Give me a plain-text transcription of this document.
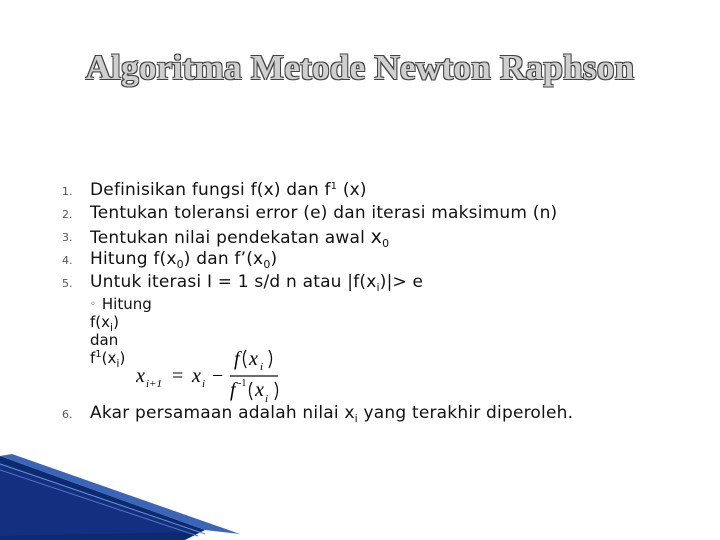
Algoritma Metode Newton Raphson
1.	Definisikan fungsi f(x) dan $f^1$ (x)
2.	Tentukan toleransi error (e) dan iterasi maksimum (n)
3.	Tentukan nilai pendekatan awal $x_0$
4.	Hitung $f(x_0)$ dan $f’(x_0)$
5.	Untuk iterasi I = 1 s/d n atau $|f(x_i)|> e$
◦ Hitung $f(x_i)$ dan $f^1(x_i)$
x i+1 = x i −
f x i
f -1 x i
6.	Akar persamaan adalah nilai $x_i$ yang terakhir diperoleh.
